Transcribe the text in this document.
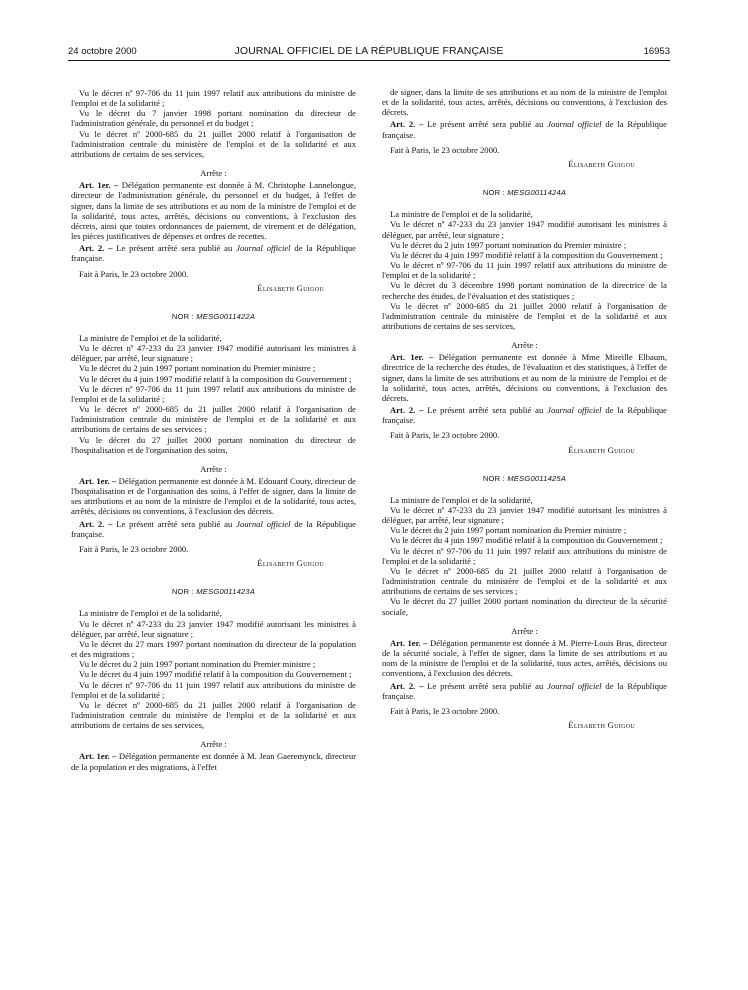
24 octobre 2000	JOURNAL OFFICIEL DE LA RÉPUBLIQUE FRANÇAISE	16953

Vu le décret nº 97-706 du 11 juin 1997 relatif aux attributions du ministre de l'emploi et de la solidarité ;

Vu le décret du 7 janvier 1998 portant nomination du directeur de l'administration générale, du personnel et du budget ;

Vu le décret nº 2000-685 du 21 juillet 2000 relatif à l'organisation de l'administration centrale du ministère de l'emploi et de la solidarité et aux attributions de certains de ses services,

Arrête :

Art. 1er. – Délégation permanente est donnée à M. Christophe Lannelongue, directeur de l'administration générale, du personnel et du budget, à l'effet de signer, dans la limite de ses attributions et au nom de la ministre de l'emploi et de la solidarité, tous actes, arrêtés, décisions ou conventions, à l'exclusion des décrets, ainsi que toutes ordonnances de paiement, de virement et de délégation, les pièces justificatives de dépenses et ordres de recettes.

Art. 2. – Le présent arrêté sera publié au Journal officiel de la République française.

Fait à Paris, le 23 octobre 2000.

Élisabeth Guigou

NOR : MESG0011422A

La ministre de l'emploi et de la solidarité,

Vu le décret nº 47-233 du 23 janvier 1947 modifié autorisant les ministres à déléguer, par arrêté, leur signature ;

Vu le décret du 2 juin 1997 portant nomination du Premier ministre ;

Vu le décret du 4 juin 1997 modifié relatif à la composition du Gouvernement ;

Vu le décret nº 97-706 du 11 juin 1997 relatif aux attributions du ministre de l'emploi et de la solidarité ;

Vu le décret nº 2000-685 du 21 juillet 2000 relatif à l'organisation de l'administration centrale du ministère de l'emploi et de la solidarité et aux attributions de certains de ses services ;

Vu le décret du 27 juillet 2000 portant nomination du directeur de l'hospitalisation et de l'organisation des soins,

Arrête :

Art. 1er. – Délégation permanente est donnée à M. Edouard Couty, directeur de l'hospitalisation et de l'organisation des soins, à l'effet de signer, dans la limite de ses attributions et au nom de la ministre de l'emploi et de la solidarité, tous actes, arrêtés, décisions ou conventions, à l'exclusion des décrets.

Art. 2. – Le présent arrêté sera publié au Journal officiel de la République française.

Fait à Paris, le 23 octobre 2000.

Élisabeth Guigou

NOR : MESG0011423A

La ministre de l'emploi et de la solidarité,

Vu le décret nº 47-233 du 23 janvier 1947 modifié autorisant les ministres à déléguer, par arrêté, leur signature ;

Vu le décret du 27 mars 1997 portant nomination du directeur de la population et des migrations ;

Vu le décret du 2 juin 1997 portant nomination du Premier ministre ;

Vu le décret du 4 juin 1997 modifié relatif à la composition du Gouvernement ;

Vu le décret nº 97-706 du 11 juin 1997 relatif aux attributions du ministre de l'emploi et de la solidarité ;

Vu le décret nº 2000-685 du 21 juillet 2000 relatif à l'organisation de l'administration centrale du ministère de l'emploi et de la solidarité et aux attributions de certains de ses services,

Arrête :

Art. 1er. – Délégation permanente est donnée à M. Jean Gaeremynck, directeur de la population et des migrations, à l'effet

de signer, dans la limite de ses attributions et au nom de la ministre de l'emploi et de la solidarité, tous actes, arrêtés, décisions ou conventions, à l'exclusion des décrets.

Art. 2. – Le présent arrêté sera publié au Journal officiel de la République française.

Fait à Paris, le 23 octobre 2000.

Élisabeth Guigou

NOR : MESG0011424A

La ministre de l'emploi et de la solidarité,

Vu le décret nº 47-233 du 23 janvier 1947 modifié autorisant les ministres à déléguer, par arrêté, leur signature ;

Vu le décret du 2 juin 1997 portant nomination du Premier ministre ;

Vu le décret du 4 juin 1997 modifié relatif à la composition du Gouvernement ;

Vu le décret nº 97-706 du 11 juin 1997 relatif aux attributions du ministre de l'emploi et de la solidarité ;

Vu le décret du 3 décembre 1998 portant nomination de la directrice de la recherche des études, de l'évaluation et des statistiques ;

Vu le décret nº 2000-685 du 21 juillet 2000 relatif à l'organisation de l'administration centrale du ministère de l'emploi et de la solidarité et aux attributions de certains de ses services,

Arrête :

Art. 1er. – Délégation permanente est donnée à Mme Mireille Elbaum, directrice de la recherche des études, de l'évaluation et des statistiques, à l'effet de signer, dans la limite de ses attributions et au nom de la ministre de l'emploi et de la solidarité, tous actes, arrêtés, décisions ou conventions, à l'exclusion des décrets.

Art. 2. – Le présent arrêté sera publié au Journal officiel de la République française.

Fait à Paris, le 23 octobre 2000.

Élisabeth Guigou

NOR : MESG0011425A

La ministre de l'emploi et de la solidarité,

Vu le décret nº 47-233 du 23 janvier 1947 modifié autorisant les ministres à déléguer, par arrêté, leur signature ;

Vu le décret du 2 juin 1997 portant nomination du Premier ministre ;

Vu le décret du 4 juin 1997 modifié relatif à la composition du Gouvernement ;

Vu le décret nº 97-706 du 11 juin 1997 relatif aux attributions du ministre de l'emploi et de la solidarité ;

Vu le décret nº 2000-685 du 21 juillet 2000 relatif à l'organisation de l'administration centrale du ministère de l'emploi et de la solidarité et aux attributions de certains de ses services ;

Vu le décret du 27 juillet 2000 portant nomination du directeur de la sécurité sociale,

Arrête :

Art. 1er. – Délégation permanente est donnée à M. Pierre-Louis Bras, directeur de la sécurité sociale, à l'effet de signer, dans la limite de ses attributions et au nom de la ministre de l'emploi et de la solidarité, tous actes, arrêtés, décisions ou conventions, à l'exclusion des décrets.

Art. 2. – Le présent arrêté sera publié au Journal officiel de la République française.

Fait à Paris, le 23 octobre 2000.

Élisabeth Guigou
